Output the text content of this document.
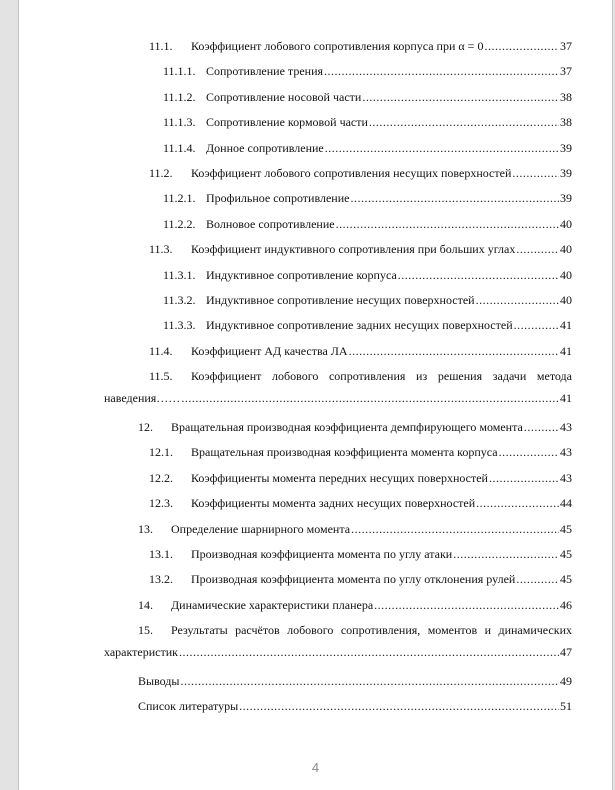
11.1.	Коэффициент лобового сопротивления корпуса при α = 0 .....	37
11.1.1. Сопротивление трения .....	37
11.1.2. Сопротивление носовой части .....	38
11.1.3. Сопротивление кормовой части .....	38
11.1.4. Донное сопротивление .....	39
11.2.	Коэффициент лобового сопротивления несущих поверхностей .....	39
11.2.1. Профильное сопротивление .....	39
11.2.2. Волновое сопротивление .....	40
11.3.	Коэффициент индуктивного сопротивления при больших углах .....	40
11.3.1. Индуктивное сопротивление корпуса .....	40
11.3.2. Индуктивное сопротивление несущих поверхностей .....	40
11.3.3. Индуктивное сопротивление задних несущих поверхностей .....	41
11.4.	Коэффициент АД качества ЛА .....	41
11.5.	Коэффициент лобового сопротивления из решения задачи метода
наведения…… .....	41
12.	Вращательная производная коэффициента демпфирующего момента .....	43
12.1.	Вращательная производная коэффициента момента корпуса .....	43
12.2.	Коэффициенты момента передних несущих поверхностей .....	43
12.3.	Коэффициенты момента задних несущих поверхностей .....	44
13.	Определение шарнирного момента .....	45
13.1.	Производная коэффициента момента по углу атаки .....	45
13.2.	Производная коэффициента момента по углу отклонения рулей .....	45
14.	Динамические характеристики планера .....	46
15.	Результаты расчётов лобового сопротивления, моментов и динамических
характеристик .....	47
Выводы .....	49
Список литературы .....	51
4
